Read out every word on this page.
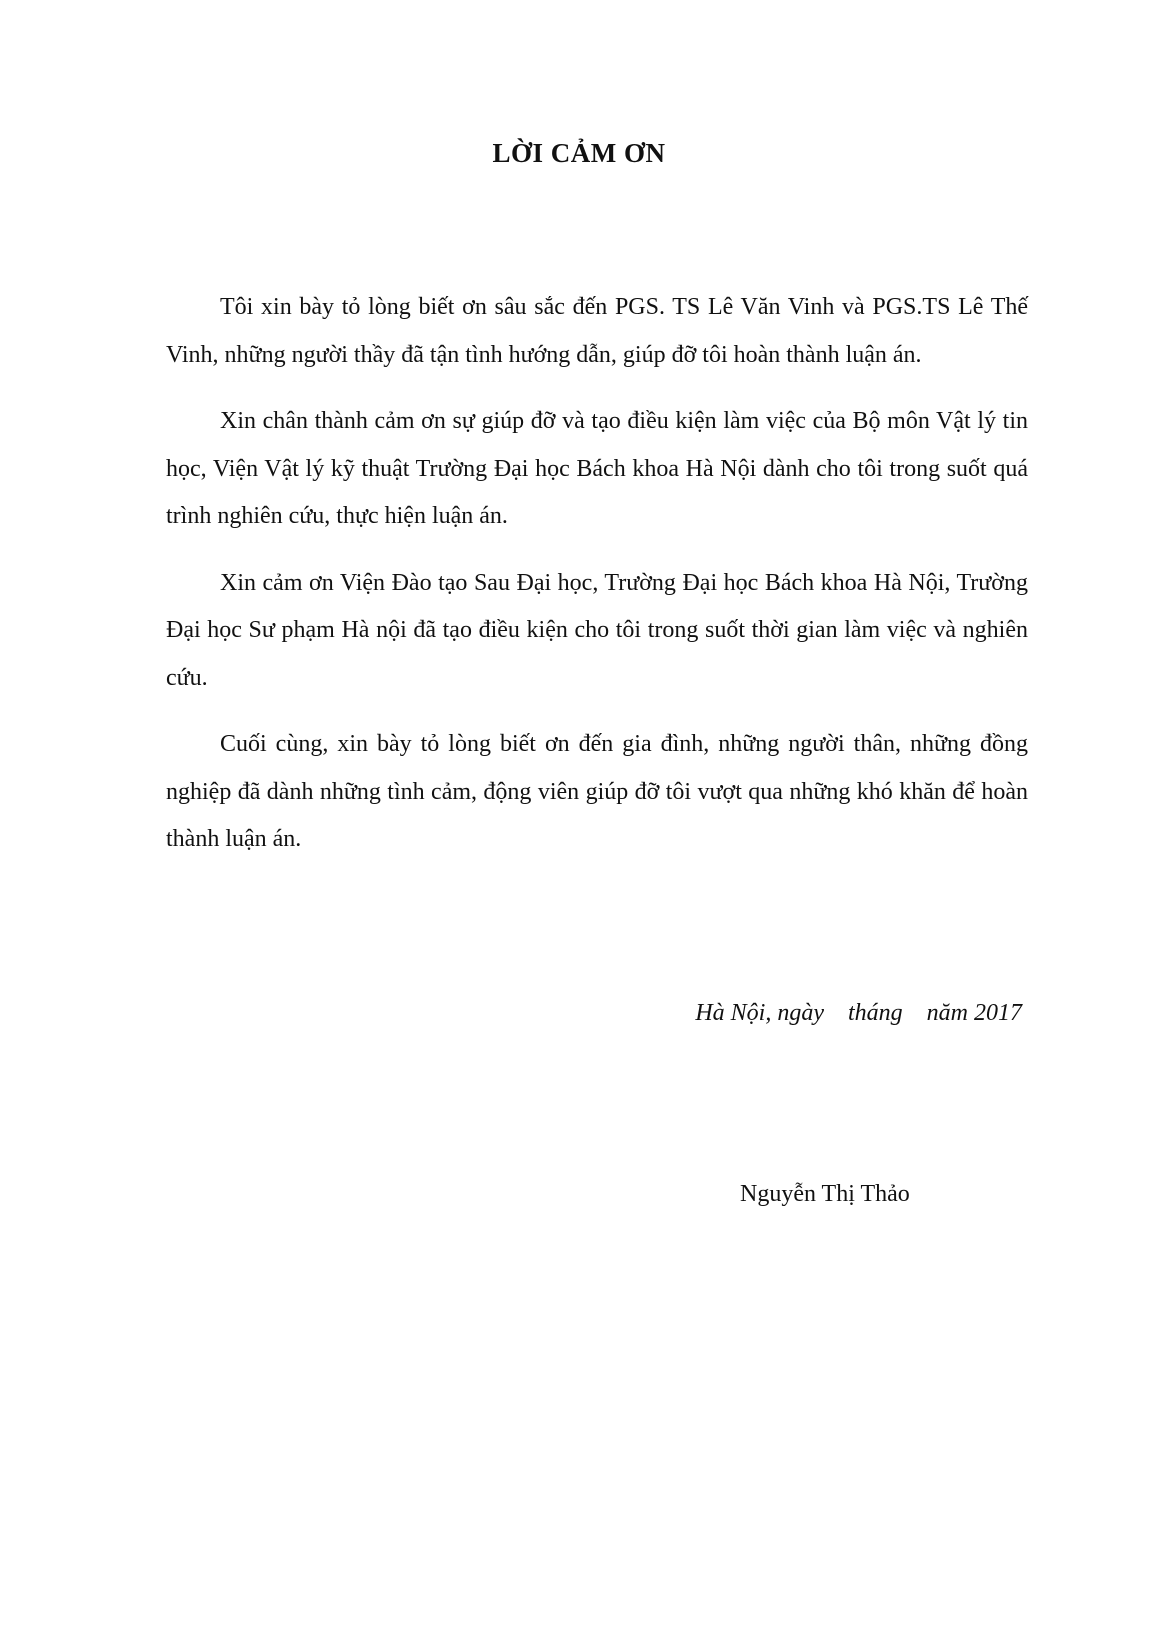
LỜI CẢM ƠN

Tôi xin bày tỏ lòng biết ơn sâu sắc đến PGS. TS Lê Văn Vinh và PGS.TS Lê Thế Vinh, những người thầy đã tận tình hướng dẫn, giúp đỡ tôi hoàn thành luận án.

Xin chân thành cảm ơn sự giúp đỡ và tạo điều kiện làm việc của Bộ môn Vật lý tin học, Viện Vật lý kỹ thuật Trường Đại học Bách khoa Hà Nội dành cho tôi trong suốt quá trình nghiên cứu, thực hiện luận án.

Xin cảm ơn Viện Đào tạo Sau Đại học, Trường Đại học Bách khoa Hà Nội, Trường Đại học Sư phạm Hà nội đã tạo điều kiện cho tôi trong suốt thời gian làm việc và nghiên cứu.

Cuối cùng, xin bày tỏ lòng biết ơn đến gia đình, những người thân, những đồng nghiệp đã dành những tình cảm, động viên giúp đỡ tôi vượt qua những khó khăn để hoàn thành luận án.

Hà Nội, ngày    tháng    năm 2017
Nguyễn Thị Thảo
